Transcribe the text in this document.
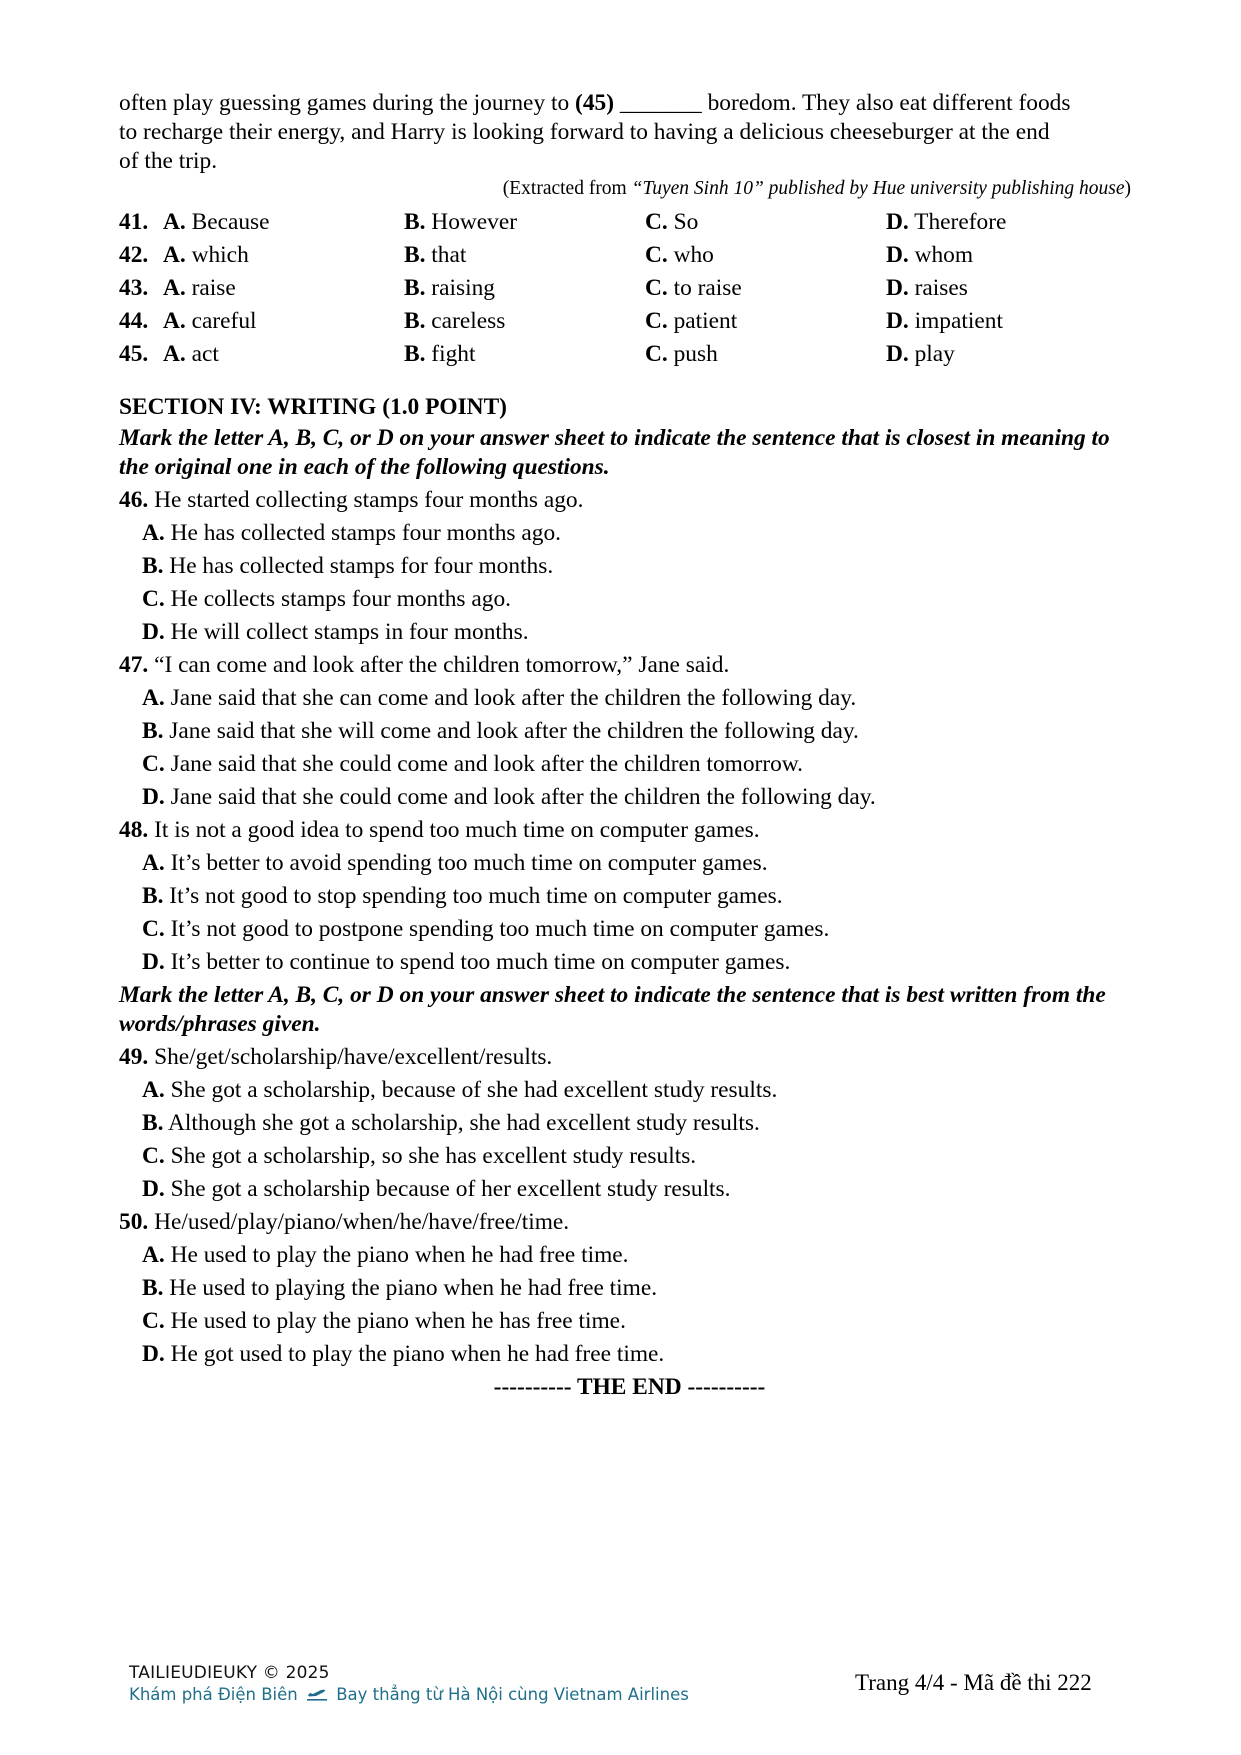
often play guessing games during the journey to (45) _______ boredom. They also eat different foods

to recharge their energy, and Harry is looking forward to having a delicious cheeseburger at the end

of the trip.

(Extracted from “Tuyen Sinh 10” published by Hue university publishing house)
41. A. Because	B. However	C. So	D. Therefore
42. A. which	B. that	C. who	D. whom
43. A. raise	B. raising	C. to raise	D. raises
44. A. careful	B. careless	C. patient	D. impatient
45. A. act	B. fight	C. push	D. play
SECTION IV: WRITING (1.0 POINT)
Mark the letter A, B, C, or D on your answer sheet to indicate the sentence that is closest in meaning to the original one in each of the following questions.
46. He started collecting stamps four months ago.
A. He has collected stamps four months ago.
B. He has collected stamps for four months.
C. He collects stamps four months ago.
D. He will collect stamps in four months.
47. “I can come and look after the children tomorrow,” Jane said.
A. Jane said that she can come and look after the children the following day.
B. Jane said that she will come and look after the children the following day.
C. Jane said that she could come and look after the children tomorrow.
D. Jane said that she could come and look after the children the following day.
48. It is not a good idea to spend too much time on computer games.
A. It’s better to avoid spending too much time on computer games.
B. It’s not good to stop spending too much time on computer games.
C. It’s not good to postpone spending too much time on computer games.
D. It’s better to continue to spend too much time on computer games.
Mark the letter A, B, C, or D on your answer sheet to indicate the sentence that is best written from the words/phrases given.
49. She/get/scholarship/have/excellent/results.
A. She got a scholarship, because of she had excellent study results.
B. Although she got a scholarship, she had excellent study results.
C. She got a scholarship, so she has excellent study results.
D. She got a scholarship because of her excellent study results.
50. He/used/play/piano/when/he/have/free/time.
A. He used to play the piano when he had free time.
B. He used to playing the piano when he had free time.
C. He used to play the piano when he has free time.
D. He got used to play the piano when he had free time.
---------- THE END ----------
TAILIEUDIEUKY © 2025
Khám phá Điện Biên Bay thẳng từ Hà Nội cùng Vietnam Airlines	Trang 4/4 - Mã đề thi 222
